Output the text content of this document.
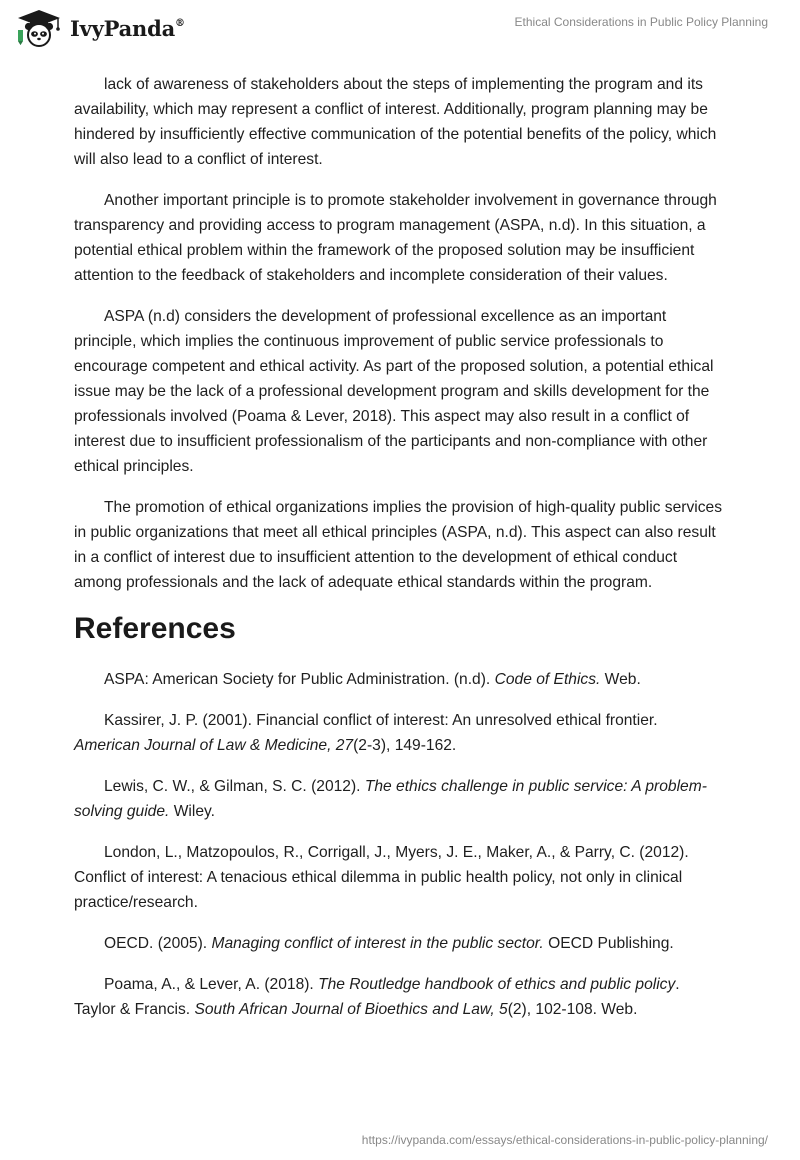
IvyPanda®	Ethical Considerations in Public Policy Planning

lack of awareness of stakeholders about the steps of implementing the program and its availability, which may represent a conflict of interest. Additionally, program planning may be hindered by insufficiently effective communication of the potential benefits of the policy, which will also lead to a conflict of interest.

Another important principle is to promote stakeholder involvement in governance through transparency and providing access to program management (ASPA, n.d). In this situation, a potential ethical problem within the framework of the proposed solution may be insufficient attention to the feedback of stakeholders and incomplete consideration of their values.

ASPA (n.d) considers the development of professional excellence as an important principle, which implies the continuous improvement of public service professionals to encourage competent and ethical activity. As part of the proposed solution, a potential ethical issue may be the lack of a professional development program and skills development for the professionals involved (Poama & Lever, 2018). This aspect may also result in a conflict of interest due to insufficient professionalism of the participants and non-compliance with other ethical principles.

The promotion of ethical organizations implies the provision of high-quality public services in public organizations that meet all ethical principles (ASPA, n.d). This aspect can also result in a conflict of interest due to insufficient attention to the development of ethical conduct among professionals and the lack of adequate ethical standards within the program.

References

ASPA: American Society for Public Administration. (n.d). Code of Ethics. Web.

Kassirer, J. P. (2001). Financial conflict of interest: An unresolved ethical frontier. American Journal of Law & Medicine, 27(2-3), 149-162.

Lewis, C. W., & Gilman, S. C. (2012). The ethics challenge in public service: A problem-solving guide. Wiley.

London, L., Matzopoulos, R., Corrigall, J., Myers, J. E., Maker, A., & Parry, C. (2012). Conflict of interest: A tenacious ethical dilemma in public health policy, not only in clinical practice/research.

OECD. (2005). Managing conflict of interest in the public sector. OECD Publishing.

Poama, A., & Lever, A. (2018). The Routledge handbook of ethics and public policy. Taylor & Francis. South African Journal of Bioethics and Law, 5(2), 102-108. Web.

https://ivypanda.com/essays/ethical-considerations-in-public-policy-planning/
